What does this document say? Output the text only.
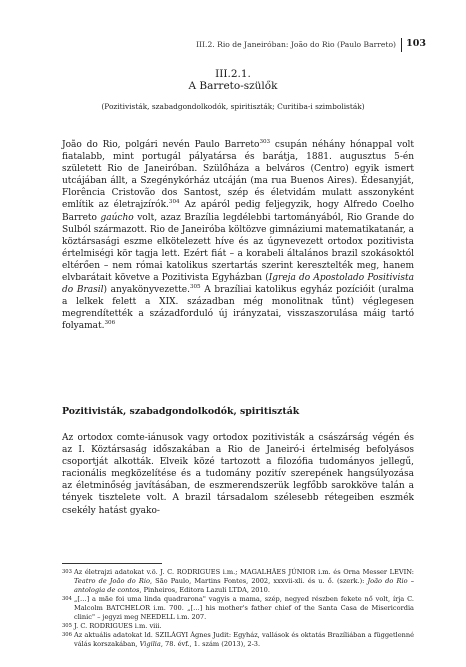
III.2. Rio de Janeiróban: João do Rio (Paulo Barreto) 103
III.2.1.
A Barreto-szülők
(Pozitivisták, szabadgondolkodók, spiritiszták; Curitiba-i szimbolisták)

João do Rio, polgári nevén Paulo Barreto$^{303}$ csupán néhány hónappal volt fiatalabb, mint portugál pályatársa és barátja, 1881. augusztus 5-én született Rio de Janeiróban. Szülőháza a belváros (Centro) egyik ismert utcájában állt, a Szegénykórház utcáján (ma rua Buenos Aires). Édesanyját, Florência Cristovão dos Santost, szép és életvidám mulatt asszonyként említik az életrajzírók.$^{304}$ Az apáról pedig feljegyzik, hogy Alfredo Coelho Barreto gaúcho volt, azaz Brazília legdélebbi tartományából, Rio Grande do Sulból származott. Rio de Janeiróba költözve gimnáziumi matematikatanár, a köztársasági eszme elkötelezett híve és az úgynevezett ortodox pozitivista értelmiségi kör tagja lett. Ezért fiát – a korabeli általános brazil szokásoktól eltérően – nem római katolikus szertartás szerint keresztelték meg, hanem elvbarátait követve a Pozitivista Egyházban (Igreja do Apostolado Positivista do Brasil) anyakönyvezette.$^{305}$ A brazíliai katolikus egyház pozícióit (uralma a lelkek felett a XIX. században még monolitnak tűnt) véglegesen megrendítették a századforduló új irányzatai, visszaszorulása máig tartó folyamat.$^{306}$

Pozitivisták, szabadgondolkodók, spiritiszták

Az ortodox comte-iánusok vagy ortodox pozitivisták a császárság végén és az I. Köztársaság időszakában a Rio de Janeiró-i értelmiség befolyásos csoportját alkották. Elveik közé tartozott a filozófia tudományos jellegű, racionális megközelítése és a tudomány pozitív szerepének hangsúlyozása az életminőség javításában, de eszmerendszerük legfőbb sarokköve talán a tények tisztelete volt. A brazil társadalom szélesebb rétegeiben eszmék csekély hatást gyako-

303 Az életrajzi adatokat v.ö. J. C. RODRIGUES i.m.; MAGALHÃES JÚNIOR i.m. és Orna Messer LEVIN: Teatro de João do Rio, São Paulo, Martins Fontes, 2002, xxxvii-xli. és u. ő. (szerk.): João do Rio – antologia de contos, Pinheiros, Editora Lazuli LTDA, 2010.
304 „[…] a mãe foi uma linda quadrarona" vagyis a mama, szép, negyed részben fekete nő volt, írja C. Malcolm BATCHELOR i.m. 700. „[…] his mother's father chief of the Santa Casa de Misericordia clinic" – jegyzi meg NEEDELL i.m. 207.
305 J. C. RODRIGUES i.m. viii.
306 Az aktuális adatokat ld. SZILÁGYI Ágnes Judit: Egyház, vallások és oktatás Brazíliában a függetlenné válás korszakában, Vigilia, 78. évf., 1. szám (2013), 2-3.
